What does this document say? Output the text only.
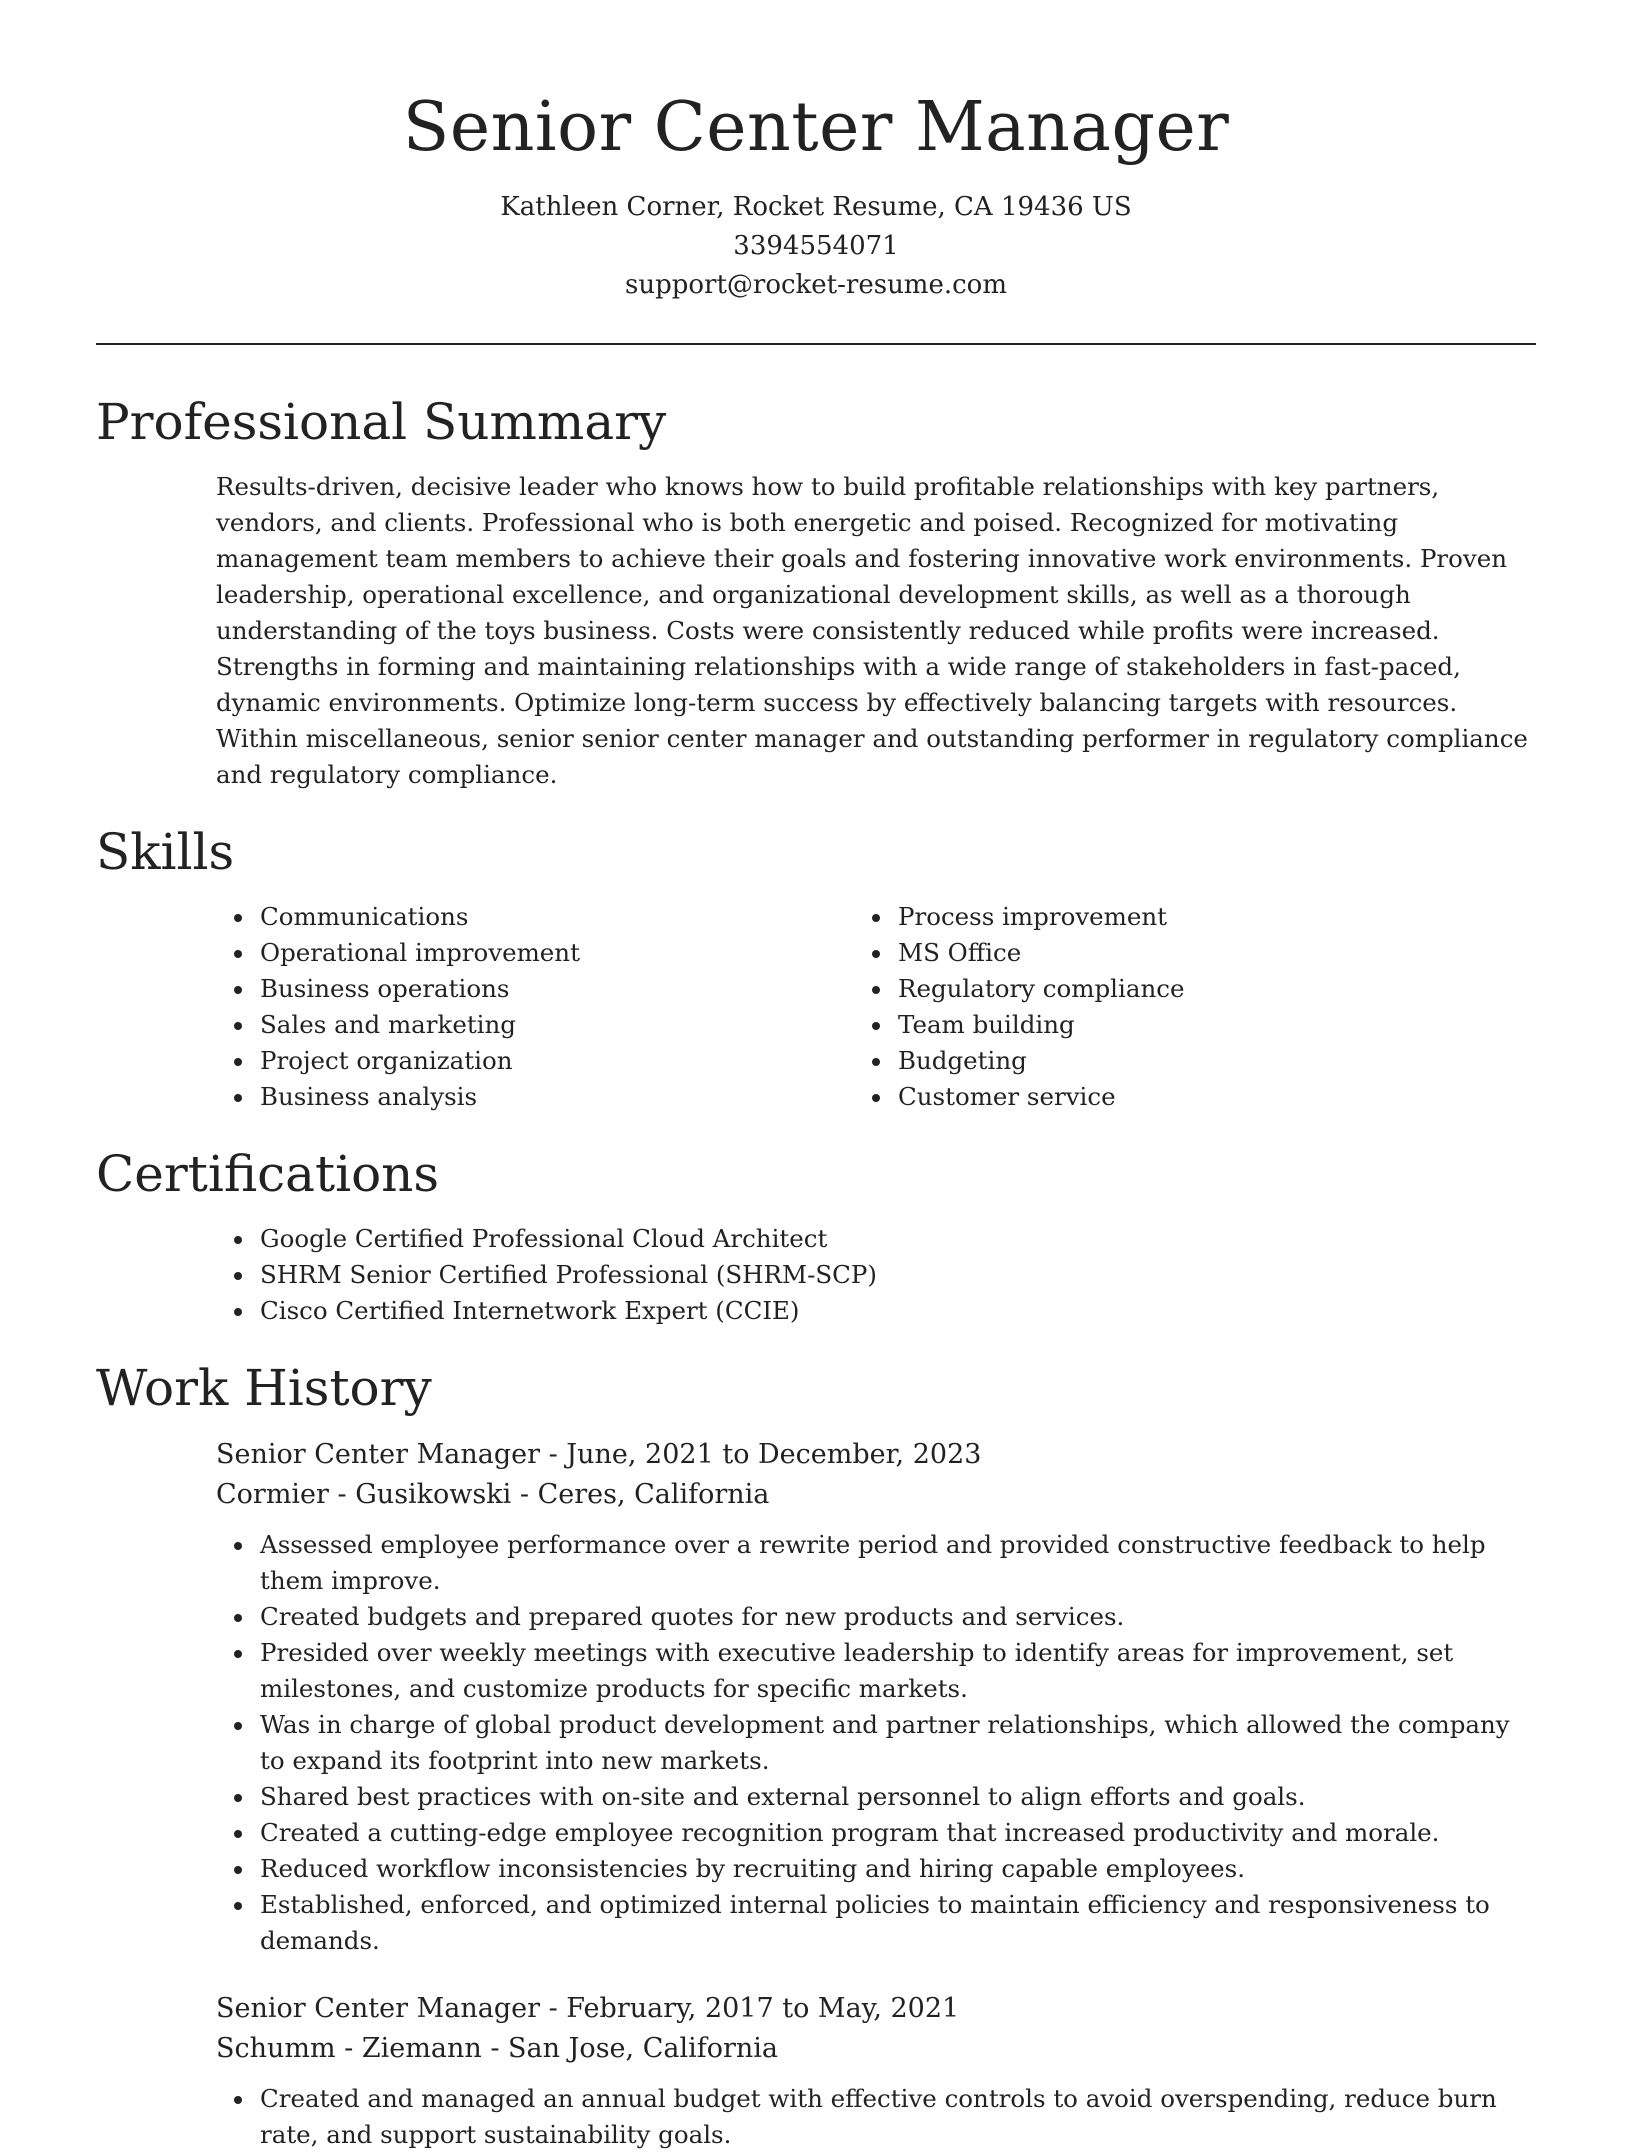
Senior Center Manager

Kathleen Corner, Rocket Resume, CA 19436 US

3394554071

support@rocket-resume.com

Professional Summary

Results-driven, decisive leader who knows how to build profitable relationships with key partners, vendors, and clients. Professional who is both energetic and poised. Recognized for motivating management team members to achieve their goals and fostering innovative work environments. Proven leadership, operational excellence, and organizational development skills, as well as a thorough understanding of the toys business. Costs were consistently reduced while profits were increased. Strengths in forming and maintaining relationships with a wide range of stakeholders in fast-paced, dynamic environments. Optimize long-term success by effectively balancing targets with resources. Within miscellaneous, senior senior center manager and outstanding performer in regulatory compliance and regulatory compliance.

Skills
Communications
Operational improvement
Business operations
Sales and marketing
Project organization
Business analysis
Process improvement
MS Office
Regulatory compliance
Team building
Budgeting
Customer service
Certifications
Google Certified Professional Cloud Architect
SHRM Senior Certified Professional (SHRM-SCP)
Cisco Certified Internetwork Expert (CCIE)
Work History

Senior Center Manager - June, 2021 to December, 2023

Cormier - Gusikowski - Ceres, California

Assessed employee performance over a rewrite period and provided constructive feedback to help them improve.
Created budgets and prepared quotes for new products and services.
Presided over weekly meetings with executive leadership to identify areas for improvement, set milestones, and customize products for specific markets.
Was in charge of global product development and partner relationships, which allowed the company to expand its footprint into new markets.
Shared best practices with on-site and external personnel to align efforts and goals.
Created a cutting-edge employee recognition program that increased productivity and morale.
Reduced workflow inconsistencies by recruiting and hiring capable employees.
Established, enforced, and optimized internal policies to maintain efficiency and responsiveness to demands.

Senior Center Manager - February, 2017 to May, 2021

Schumm - Ziemann - San Jose, California

Created and managed an annual budget with effective controls to avoid overspending, reduce burn rate, and support sustainability goals.
